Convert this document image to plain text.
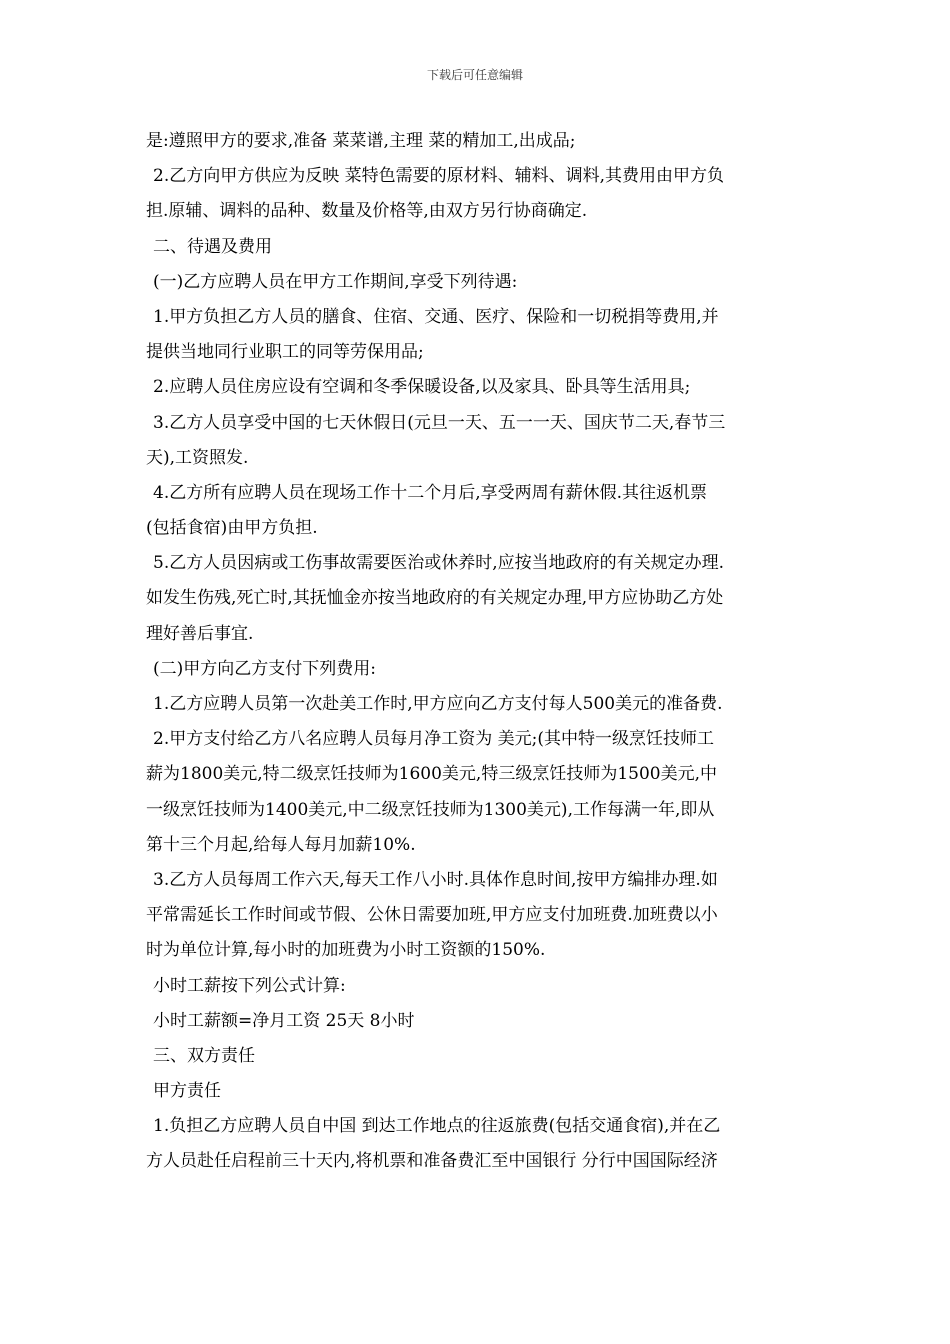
下载后可任意编辑
是:遵照甲方的要求,准备 菜菜谱,主理 菜的精加工,出成品;
2.乙方向甲方供应为反映 菜特色需要的原材料、辅料、调料,其费用由甲方负
担.原辅、调料的品种、数量及价格等,由双方另行协商确定.
二、待遇及费用
(一)乙方应聘人员在甲方工作期间,享受下列待遇:
1.甲方负担乙方人员的膳食、住宿、交通、医疗、保险和一切税捐等费用,并
提供当地同行业职工的同等劳保用品;
2.应聘人员住房应设有空调和冬季保暖设备,以及家具、卧具等生活用具;
3.乙方人员享受中国的七天休假日(元旦一天、五一一天、国庆节二天,春节三
天),工资照发.
4.乙方所有应聘人员在现场工作十二个月后,享受两周有薪休假.其往返机票
(包括食宿)由甲方负担.
5.乙方人员因病或工伤事故需要医治或休养时,应按当地政府的有关规定办理.
如发生伤残,死亡时,其抚恤金亦按当地政府的有关规定办理,甲方应协助乙方处
理好善后事宜.
(二)甲方向乙方支付下列费用:
1.乙方应聘人员第一次赴美工作时,甲方应向乙方支付每人500美元的准备费.
2.甲方支付给乙方八名应聘人员每月净工资为 美元;(其中特一级烹饪技师工
薪为1800美元,特二级烹饪技师为1600美元,特三级烹饪技师为1500美元,中
一级烹饪技师为1400美元,中二级烹饪技师为1300美元),工作每满一年,即从
第十三个月起,给每人每月加薪10%.
3.乙方人员每周工作六天,每天工作八小时.具体作息时间,按甲方编排办理.如
平常需延长工作时间或节假、公休日需要加班,甲方应支付加班费.加班费以小
时为单位计算,每小时的加班费为小时工资额的150%.
小时工薪按下列公式计算:
小时工薪额=净月工资 25天 8小时
三、双方责任
甲方责任
1.负担乙方应聘人员自中国 到达工作地点的往返旅费(包括交通食宿),并在乙
方人员赴任启程前三十天内,将机票和准备费汇至中国银行 分行中国国际经济
